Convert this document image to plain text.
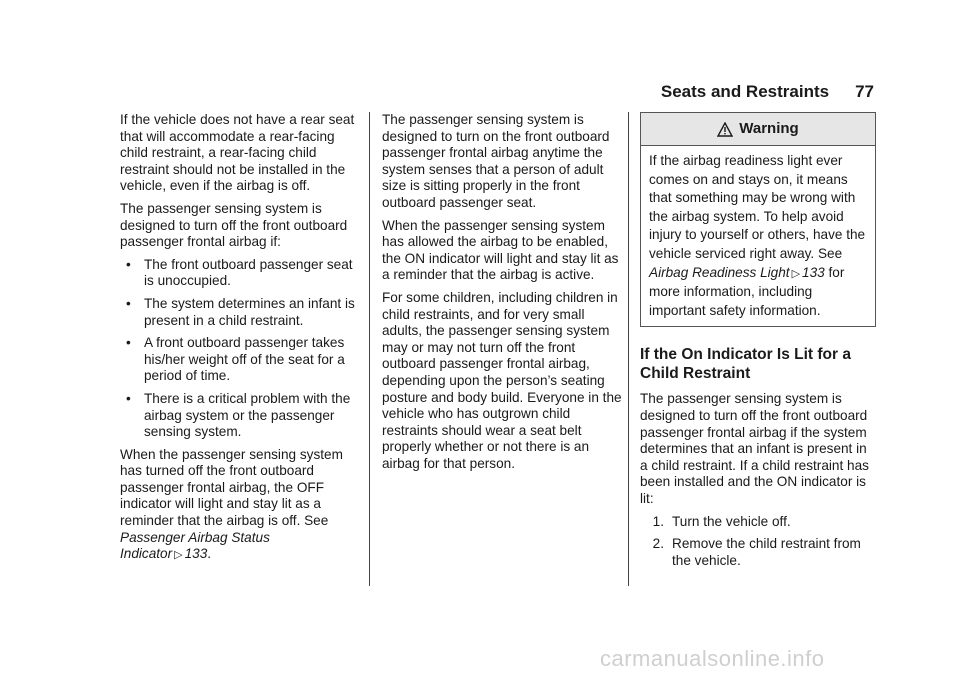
Seats and Restraints 77

If the vehicle does not have a rear seat that will accommodate a rear-facing child restraint, a rear-facing child restraint should not be installed in the vehicle, even if the airbag is off.

The passenger sensing system is designed to turn off the front outboard passenger frontal airbag if:

• The front outboard passenger seat is unoccupied.
• The system determines an infant is present in a child restraint.
• A front outboard passenger takes his/her weight off of the seat for a period of time.
• There is a critical problem with the airbag system or the passenger sensing system.

When the passenger sensing system has turned off the front outboard passenger frontal airbag, the OFF indicator will light and stay lit as a reminder that the airbag is off. See Passenger Airbag Status Indicator ▷ 133.

The passenger sensing system is designed to turn on the front outboard passenger frontal airbag anytime the system senses that a person of adult size is sitting properly in the front outboard passenger seat.

When the passenger sensing system has allowed the airbag to be enabled, the ON indicator will light and stay lit as a reminder that the airbag is active.

For some children, including children in child restraints, and for very small adults, the passenger sensing system may or may not turn off the front outboard passenger frontal airbag, depending upon the person’s seating posture and body build. Everyone in the vehicle who has outgrown child restraints should wear a seat belt properly whether or not there is an airbag for that person.

Warning

If the airbag readiness light ever comes on and stays on, it means that something may be wrong with the airbag system. To help avoid injury to yourself or others, have the vehicle serviced right away. See Airbag Readiness Light ▷ 133 for more information, including important safety information.

If the On Indicator Is Lit for a Child Restraint

The passenger sensing system is designed to turn off the front outboard passenger frontal airbag if the system determines that an infant is present in a child restraint. If a child restraint has been installed and the ON indicator is lit:

1. Turn the vehicle off.
2. Remove the child restraint from the vehicle.
carmanualsonline.info
